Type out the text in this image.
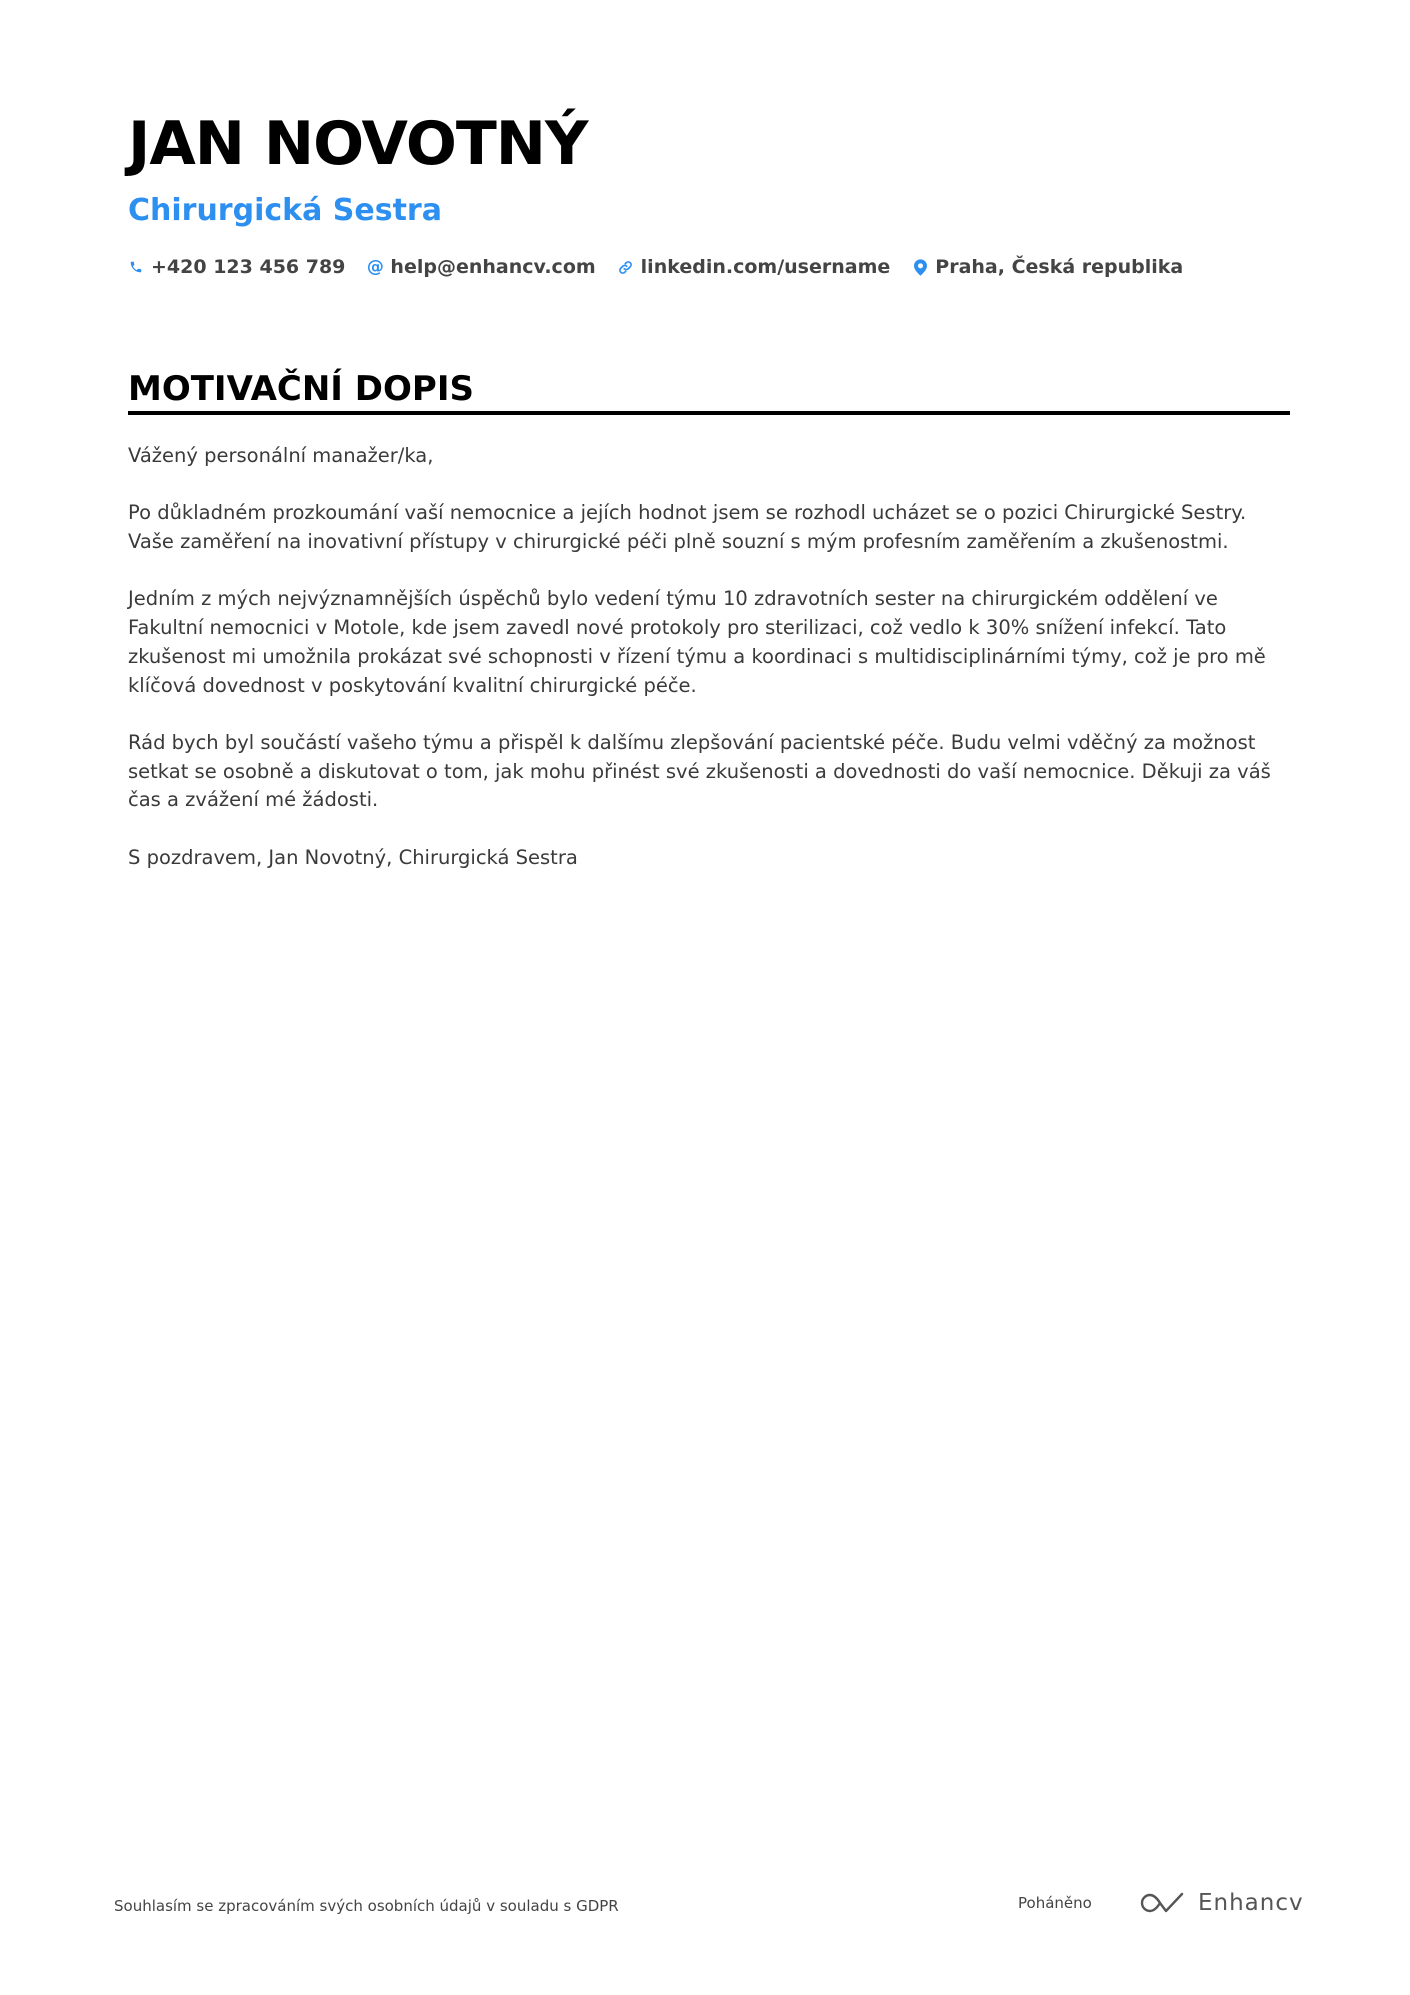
JAN NOVOTNÝ
Chirurgická Sestra
+420 123 456 789 @ help@enhancv.com linkedin.com/username Praha, Česká republika
MOTIVAČNÍ DOPIS

Vážený personální manažer/ka,

Po důkladném prozkoumání vaší nemocnice a jejích hodnot jsem se rozhodl ucházet se o pozici Chirurgické Sestry. Vaše zaměření na inovativní přístupy v chirurgické péči plně souzní s mým profesním zaměřením a zkušenostmi.

Jedním z mých nejvýznamnějších úspěchů bylo vedení týmu 10 zdravotních sester na chirurgickém oddělení ve Fakultní nemocnici v Motole, kde jsem zavedl nové protokoly pro sterilizaci, což vedlo k 30% snížení infekcí. Tato zkušenost mi umožnila prokázat své schopnosti v řízení týmu a koordinaci s multidisciplinárními týmy, což je pro mě klíčová dovednost v poskytování kvalitní chirurgické péče.

Rád bych byl součástí vašeho týmu a přispěl k dalšímu zlepšování pacientské péče. Budu velmi vděčný za možnost setkat se osobně a diskutovat o tom, jak mohu přinést své zkušenosti a dovednosti do vaší nemocnice. Děkuji za váš čas a zvážení mé žádosti.

S pozdravem, Jan Novotný, Chirurgická Sestra

Souhlasím se zpracováním svých osobních údajů v souladu s GDPR	Poháněno	Enhancv
